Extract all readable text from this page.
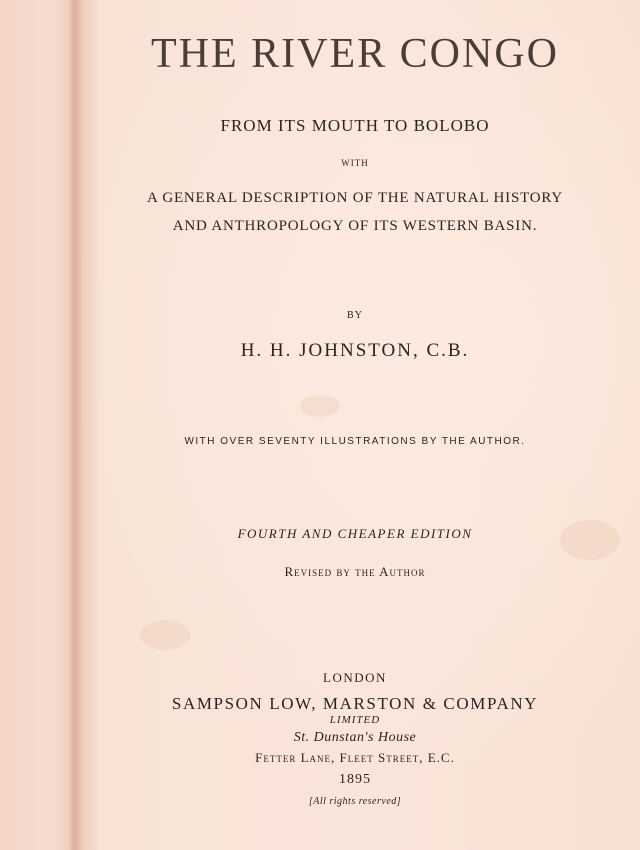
THE RIVER CONGO
FROM ITS MOUTH TO BOLOBO
WITH
A GENERAL DESCRIPTION OF THE NATURAL HISTORY
AND ANTHROPOLOGY OF ITS WESTERN BASIN.
BY
H. H. JOHNSTON, C.B.
WITH OVER SEVENTY ILLUSTRATIONS BY THE AUTHOR.
FOURTH AND CHEAPER EDITION
Revised by the Author
LONDON
SAMPSON LOW, MARSTON & COMPANY
LIMITED
St. Dunstan's House
Fetter Lane, Fleet Street, E.C.
1895
[All rights reserved]
